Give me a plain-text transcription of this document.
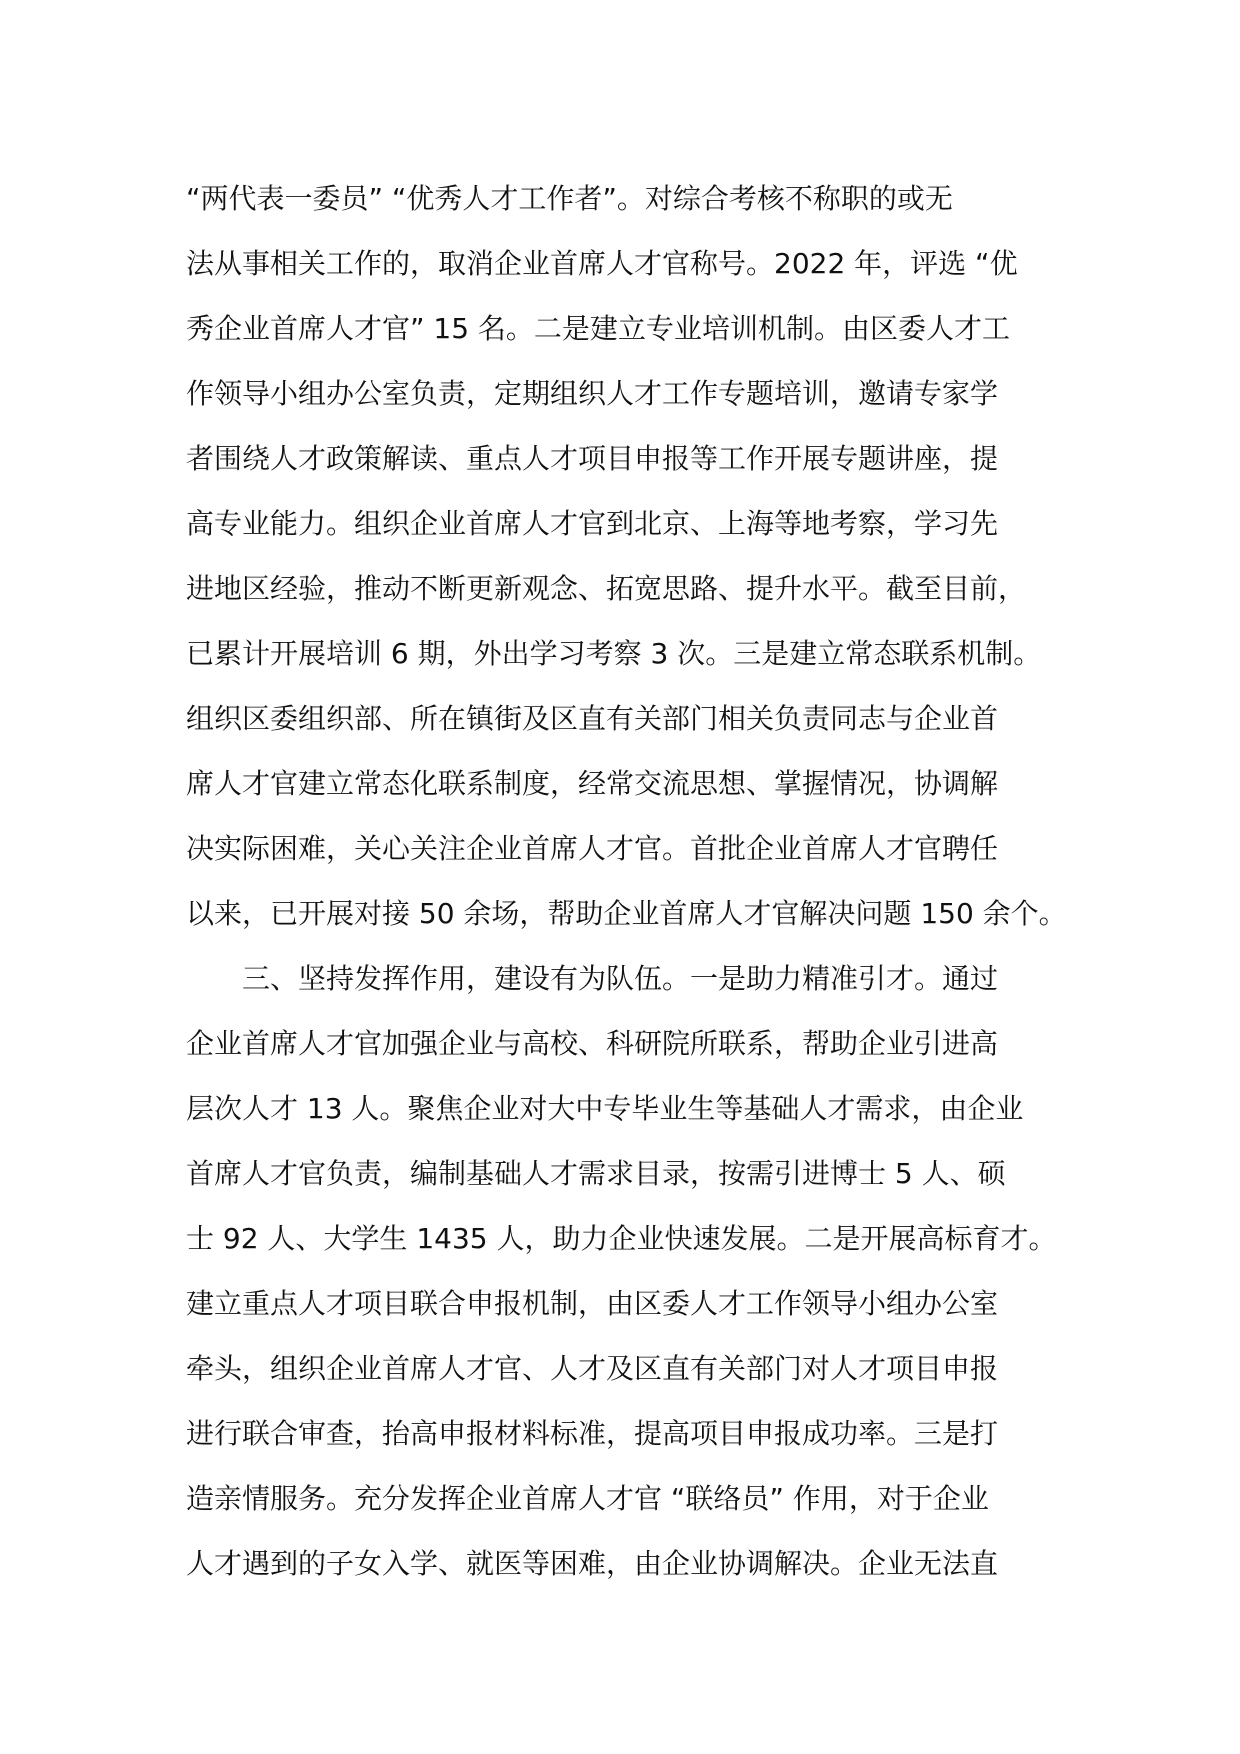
“两代表一委员” “优秀人才工作者”。对综合考核不称职的或无
法从事相关工作的，取消企业首席人才官称号。2022 年，评选 “优
秀企业首席人才官” 15 名。二是建立专业培训机制。由区委人才工
作领导小组办公室负责，定期组织人才工作专题培训，邀请专家学
者围绕人才政策解读、重点人才项目申报等工作开展专题讲座，提
高专业能力。组织企业首席人才官到北京、上海等地考察，学习先
进地区经验，推动不断更新观念、拓宽思路、提升水平。截至目前，
已累计开展培训 6 期，外出学习考察 3 次。三是建立常态联系机制。
组织区委组织部、所在镇街及区直有关部门相关负责同志与企业首
席人才官建立常态化联系制度，经常交流思想、掌握情况，协调解
决实际困难，关心关注企业首席人才官。首批企业首席人才官聘任
以来，已开展对接 50 余场，帮助企业首席人才官解决问题 150 余个。
三、坚持发挥作用，建设有为队伍。一是助力精准引才。通过
企业首席人才官加强企业与高校、科研院所联系，帮助企业引进高
层次人才 13 人。聚焦企业对大中专毕业生等基础人才需求，由企业
首席人才官负责，编制基础人才需求目录，按需引进博士 5 人、硕
士 92 人、大学生 1435 人，助力企业快速发展。二是开展高标育才。
建立重点人才项目联合申报机制，由区委人才工作领导小组办公室
牵头，组织企业首席人才官、人才及区直有关部门对人才项目申报
进行联合审查，抬高申报材料标准，提高项目申报成功率。三是打
造亲情服务。充分发挥企业首席人才官 “联络员” 作用，对于企业
人才遇到的子女入学、就医等困难，由企业协调解决。企业无法直
